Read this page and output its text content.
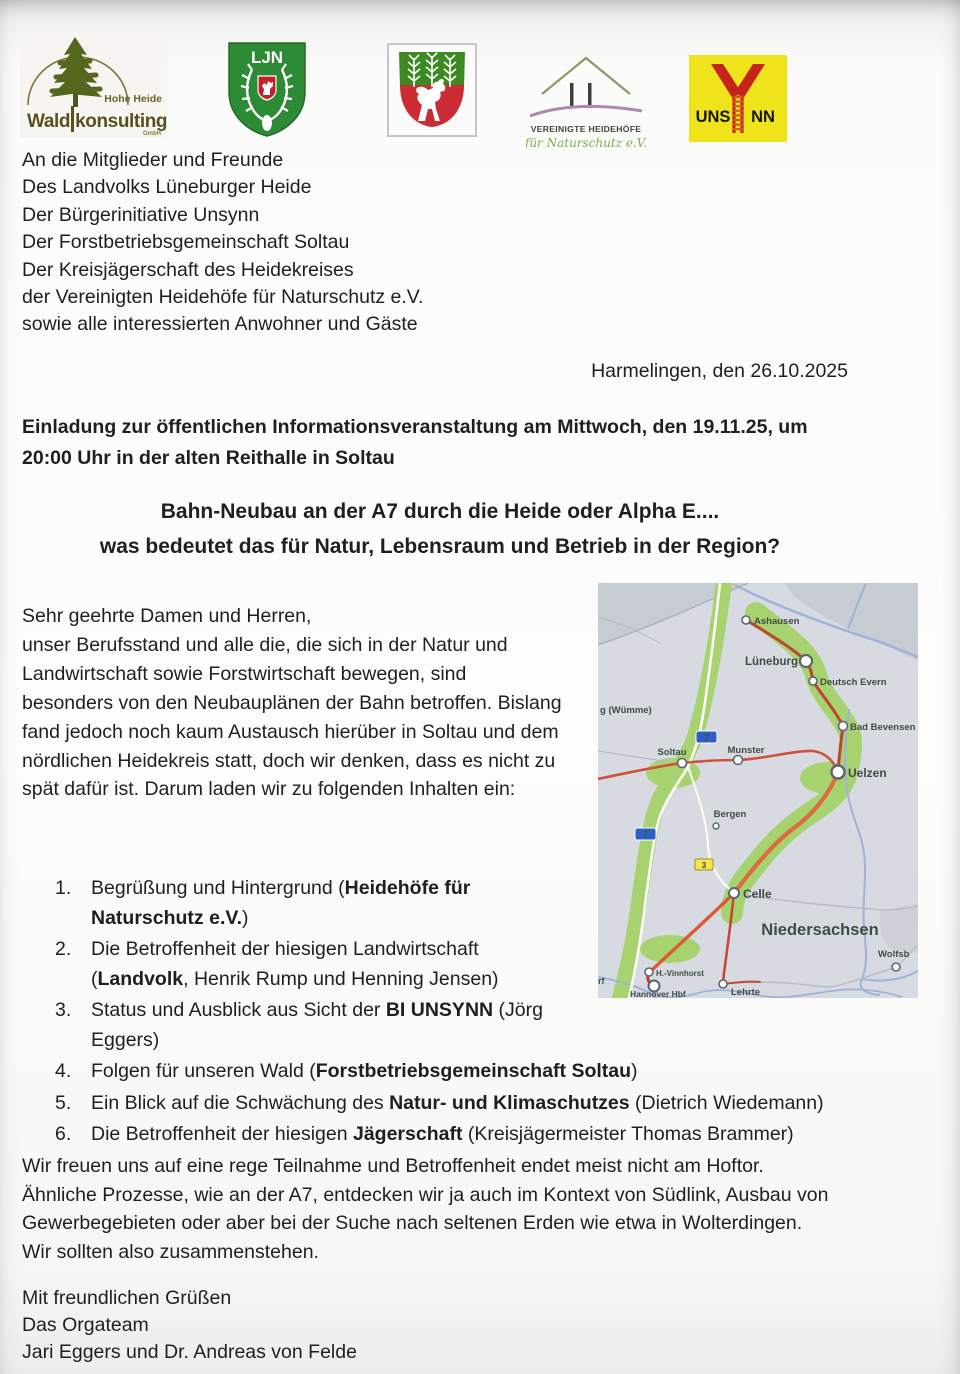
Hohe Heide
Wald konsulting
GmbH
LJN
VEREINIGTE HEIDEHÖFE
für Naturschutz e.V.
UNS NN
An die Mitglieder und Freunde
Des Landvolks Lüneburger Heide
Der Bürgerinitiative Unsynn
Der Forstbetriebsgemeinschaft Soltau
Der Kreisjägerschaft des Heidekreises
der Vereinigten Heidehöfe für Naturschutz e.V.
sowie alle interessierten Anwohner und Gäste
Harmelingen, den 26.10.2025
Einladung zur öffentlichen Informationsveranstaltung am Mittwoch, den 19.11.25, um
20:00 Uhr in der alten Reithalle in Soltau
Bahn-Neubau an der A7 durch die Heide oder Alpha E....
was bedeutet das für Natur, Lebensraum und Betrieb in der Region?
Sehr geehrte Damen und Herren,
unser Berufsstand und alle die, die sich in der Natur und
Landwirtschaft sowie Forstwirtschaft bewegen, sind
besonders von den Neubauplänen der Bahn betroffen. Bislang
fand jedoch noch kaum Austausch hierüber in Soltau und dem
nördlichen Heidekreis statt, doch wir denken, dass es nicht zu
spät dafür ist. Darum laden wir zu folgenden Inhalten ein:
7
7
3
Ashausen
Lüneburg
Deutsch Evern
Bad Bevensen
Uelzen
Soltau	Munster
Bergen
Celle
Niedersachsen
Wolfsb
H.-Vinnhorst
Hannover Hbf	Lehrte
g (Wümme)
rf
1.	Begrüßung und Hintergrund (Heidehöfe für Naturschutz e.V.)
2.	Die Betroffenheit der hiesigen Landwirtschaft (Landvolk, Henrik Rump und Henning Jensen)
3.	Status und Ausblick aus Sicht der BI UNSYNN (Jörg Eggers)
4.	Folgen für unseren Wald (Forstbetriebsgemeinschaft Soltau)
5.	Ein Blick auf die Schwächung des Natur- und Klimaschutzes (Dietrich Wiedemann)
6.	Die Betroffenheit der hiesigen Jägerschaft (Kreisjägermeister Thomas Brammer)
Wir freuen uns auf eine rege Teilnahme und Betroffenheit endet meist nicht am Hoftor.
Ähnliche Prozesse, wie an der A7, entdecken wir ja auch im Kontext von Südlink, Ausbau von
Gewerbegebieten oder aber bei der Suche nach seltenen Erden wie etwa in Wolterdingen.
Wir sollten also zusammenstehen.
Mit freundlichen Grüßen
Das Orgateam
Jari Eggers und Dr. Andreas von Felde
